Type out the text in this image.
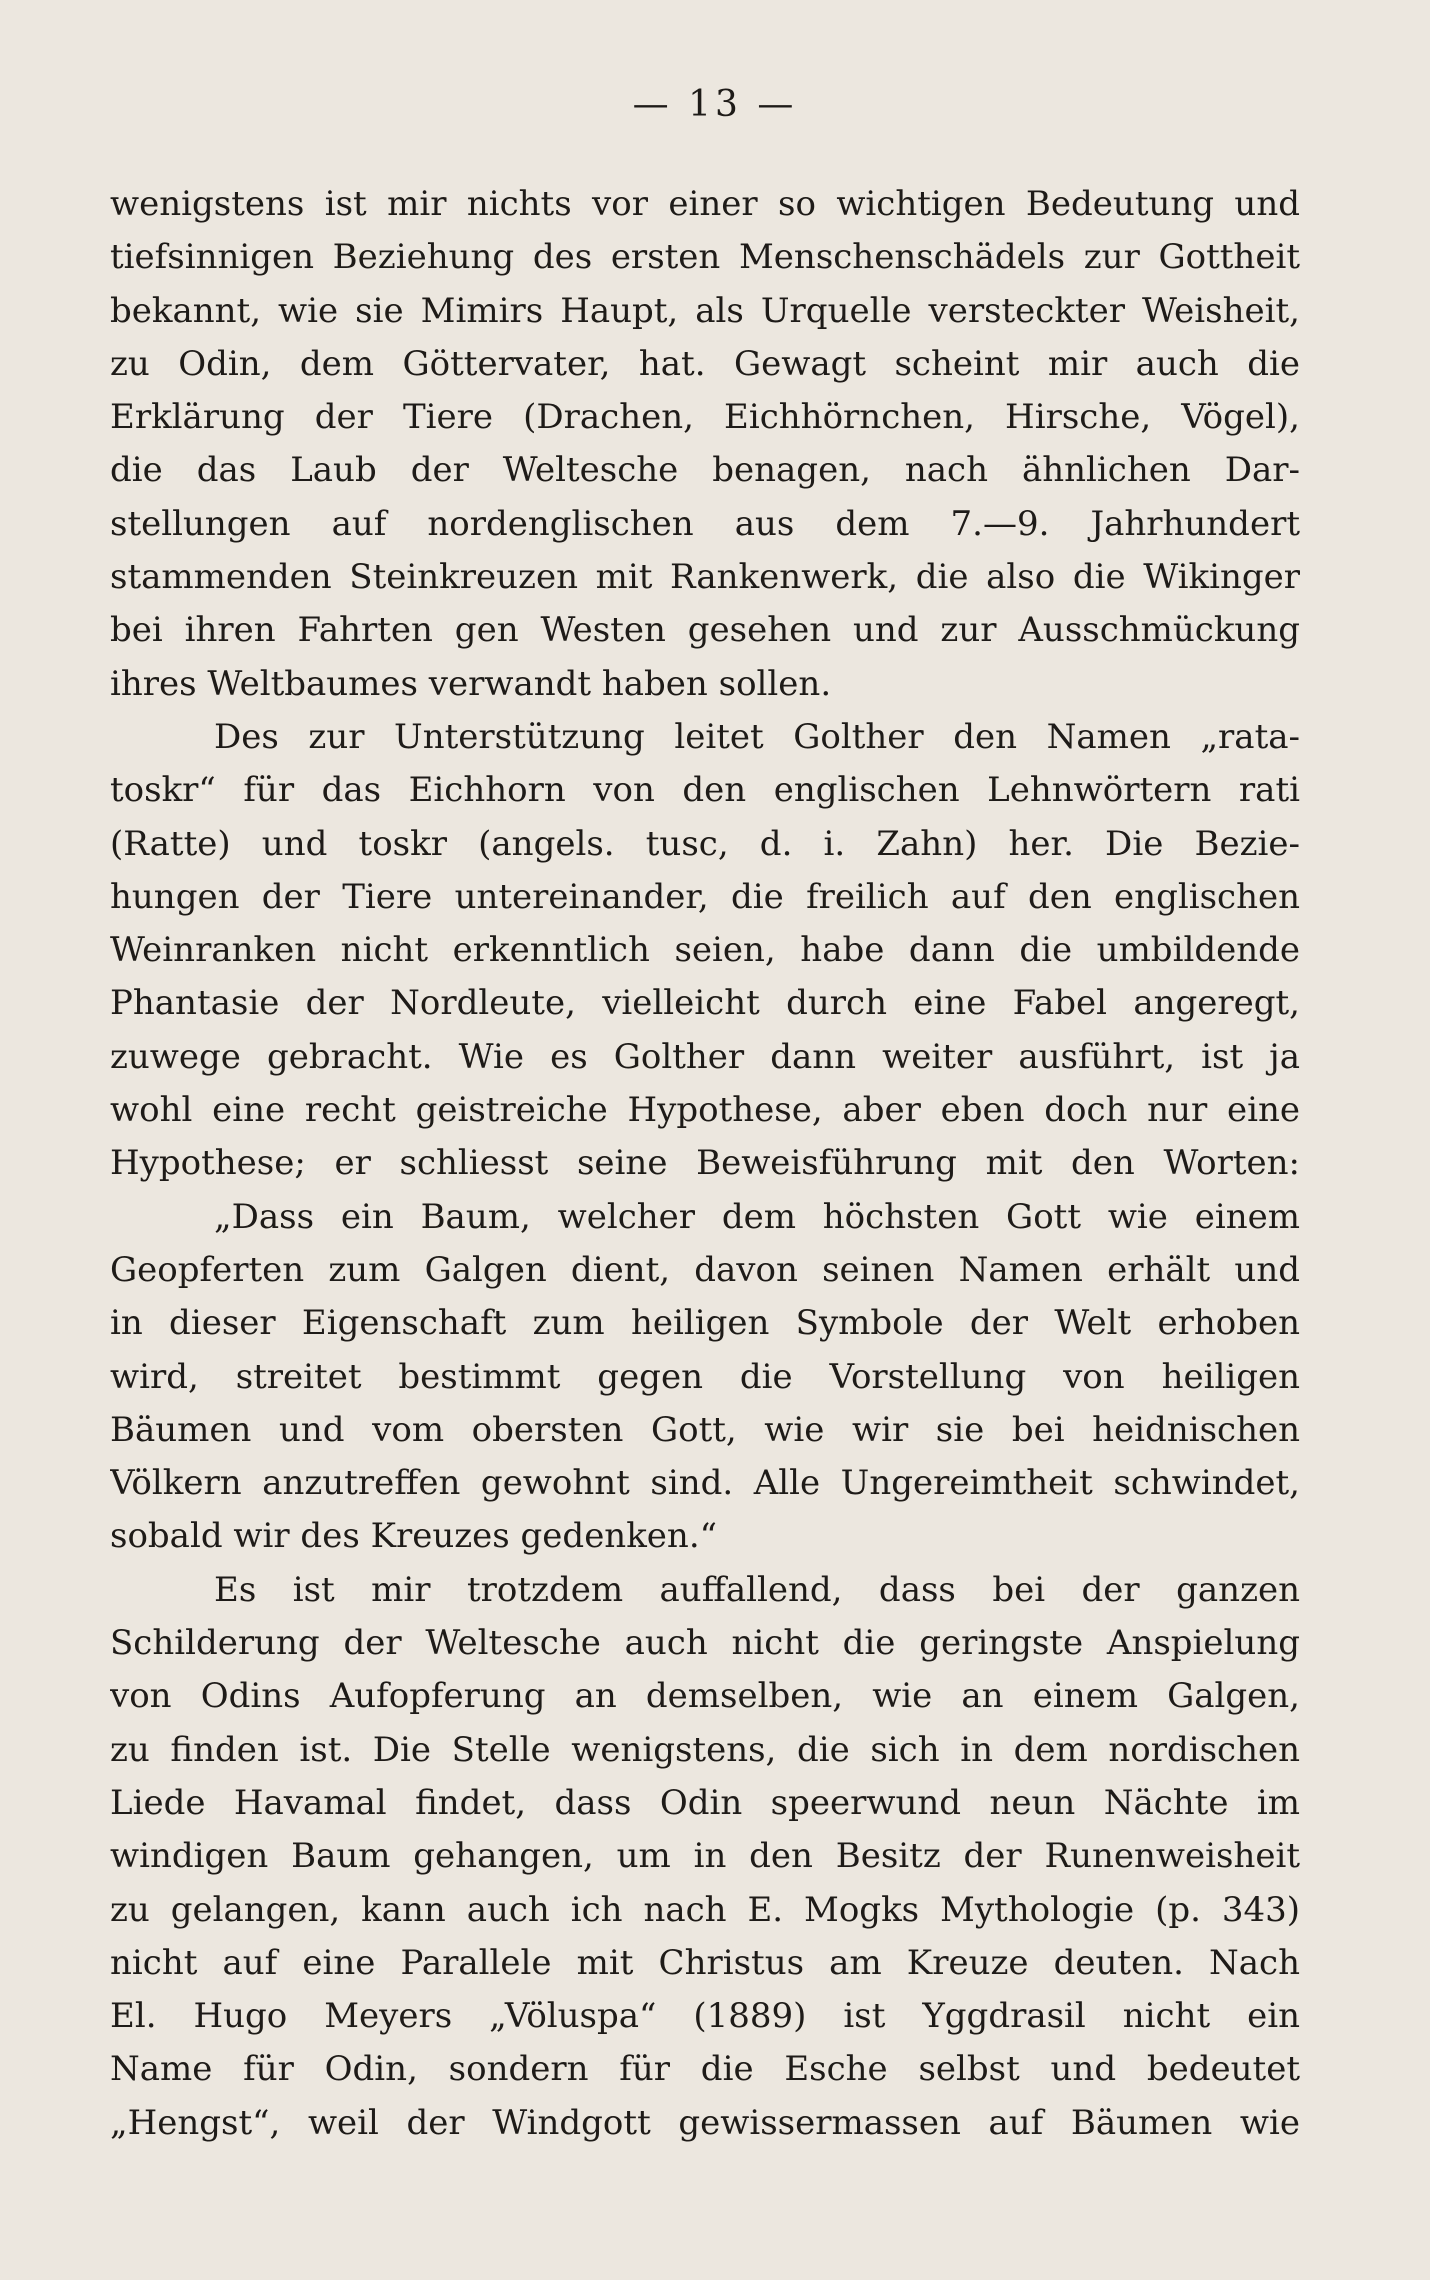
— 13 —
wenigstens ist mir nichts vor einer so wichtigen Bedeutung und
tiefsinnigen Beziehung des ersten Menschenschädels zur Gottheit
bekannt, wie sie Mimirs Haupt, als Urquelle versteckter Weisheit,
zu Odin, dem Göttervater, hat. Gewagt scheint mir auch die
Erklärung der Tiere (Drachen, Eichhörnchen, Hirsche, Vögel),
die das Laub der Weltesche benagen, nach ähnlichen Dar-
stellungen auf nordenglischen aus dem 7.—9. Jahrhundert
stammenden Steinkreuzen mit Rankenwerk, die also die Wikinger
bei ihren Fahrten gen Westen gesehen und zur Ausschmückung
ihres Weltbaumes verwandt haben sollen.
Des zur Unterstützung leitet Golther den Namen „rata-
toskr“ für das Eichhorn von den englischen Lehnwörtern rati
(Ratte) und toskr (angels. tusc, d. i. Zahn) her. Die Bezie-
hungen der Tiere untereinander, die freilich auf den englischen
Weinranken nicht erkenntlich seien, habe dann die umbildende
Phantasie der Nordleute, vielleicht durch eine Fabel angeregt,
zuwege gebracht. Wie es Golther dann weiter ausführt, ist ja
wohl eine recht geistreiche Hypothese, aber eben doch nur eine
Hypothese; er schliesst seine Beweisführung mit den Worten:
„Dass ein Baum, welcher dem höchsten Gott wie einem
Geopferten zum Galgen dient, davon seinen Namen erhält und
in dieser Eigenschaft zum heiligen Symbole der Welt erhoben
wird, streitet bestimmt gegen die Vorstellung von heiligen
Bäumen und vom obersten Gott, wie wir sie bei heidnischen
Völkern anzutreffen gewohnt sind. Alle Ungereimtheit schwindet,
sobald wir des Kreuzes gedenken.“
Es ist mir trotzdem auffallend, dass bei der ganzen
Schilderung der Weltesche auch nicht die geringste Anspielung
von Odins Aufopferung an demselben, wie an einem Galgen,
zu finden ist. Die Stelle wenigstens, die sich in dem nordischen
Liede Havamal findet, dass Odin speerwund neun Nächte im
windigen Baum gehangen, um in den Besitz der Runenweisheit
zu gelangen, kann auch ich nach E. Mogks Mythologie (p. 343)
nicht auf eine Parallele mit Christus am Kreuze deuten. Nach
El. Hugo Meyers „Völuspa“ (1889) ist Yggdrasil nicht ein
Name für Odin, sondern für die Esche selbst und bedeutet
„Hengst“, weil der Windgott gewissermassen auf Bäumen wie
